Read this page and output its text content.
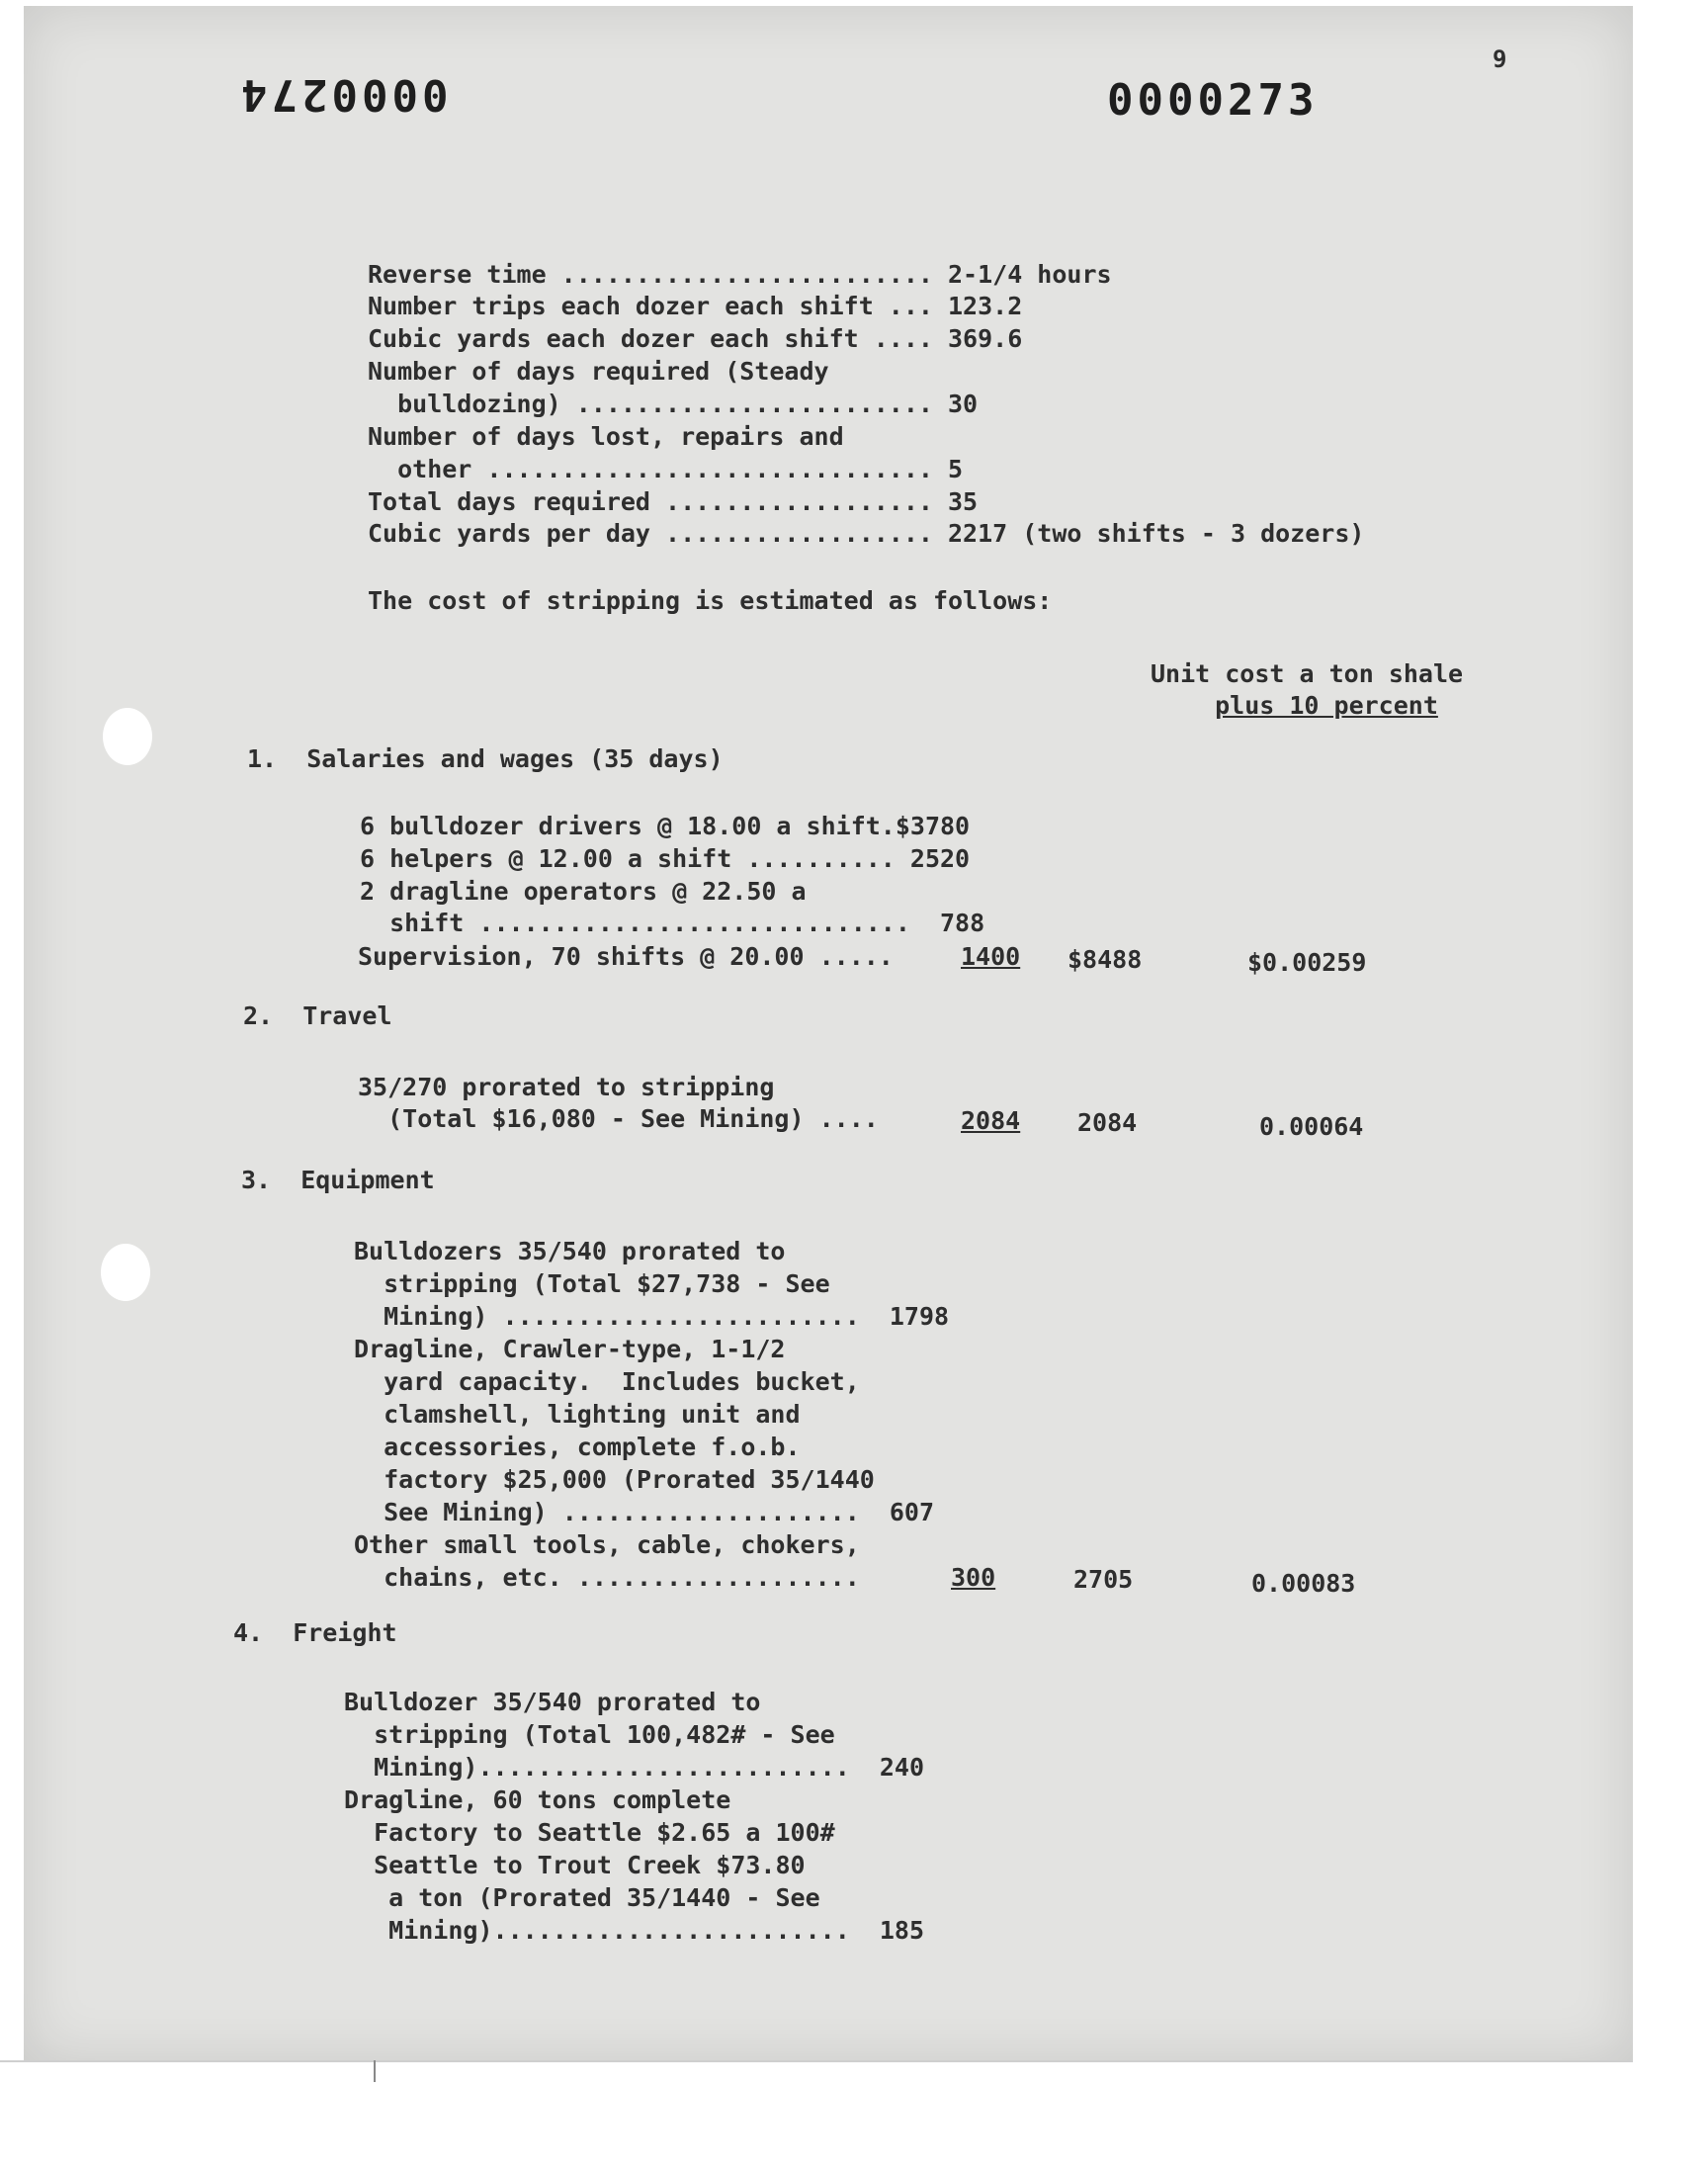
0000274	0000273
9
Reverse time ......................... 2-1/4 hours
Number trips each dozer each shift ... 123.2
Cubic yards each dozer each shift .... 369.6
Number of days required (Steady
bulldozing) ........................ 30
Number of days lost, repairs and
other .............................. 5
Total days required .................. 35
Cubic yards per day .................. 2217 (two shifts - 3 dozers)
The cost of stripping is estimated as follows:
Unit cost a ton shale
plus 10 percent
1.  Salaries and wages (35 days)
6 bulldozer drivers @ 18.00 a shift.$3780
6 helpers @ 12.00 a shift .......... 2520
2 dragline operators @ 22.50 a
shift .............................  788
Supervision, 70 shifts @ 20.00 .....	1400 $8488	$0.00259
2.  Travel
35/270 prorated to stripping
(Total $16,080 - See Mining) ....	2084 2084	0.00064
3.  Equipment
Bulldozers 35/540 prorated to
stripping (Total $27,738 - See
Mining) ........................  1798
Dragline, Crawler-type, 1-1/2
yard capacity.  Includes bucket,
clamshell, lighting unit and
accessories, complete f.o.b.
factory $25,000 (Prorated 35/1440
See Mining) ....................  607
Other small tools, cable, chokers,
chains, etc. ...................	300	2705	0.00083
4.  Freight
Bulldozer 35/540 prorated to
stripping (Total 100,482# - See
Mining).........................  240
Dragline, 60 tons complete
Factory to Seattle $2.65 a 100#
Seattle to Trout Creek $73.80
a ton (Prorated 35/1440 - See
Mining)........................  185
